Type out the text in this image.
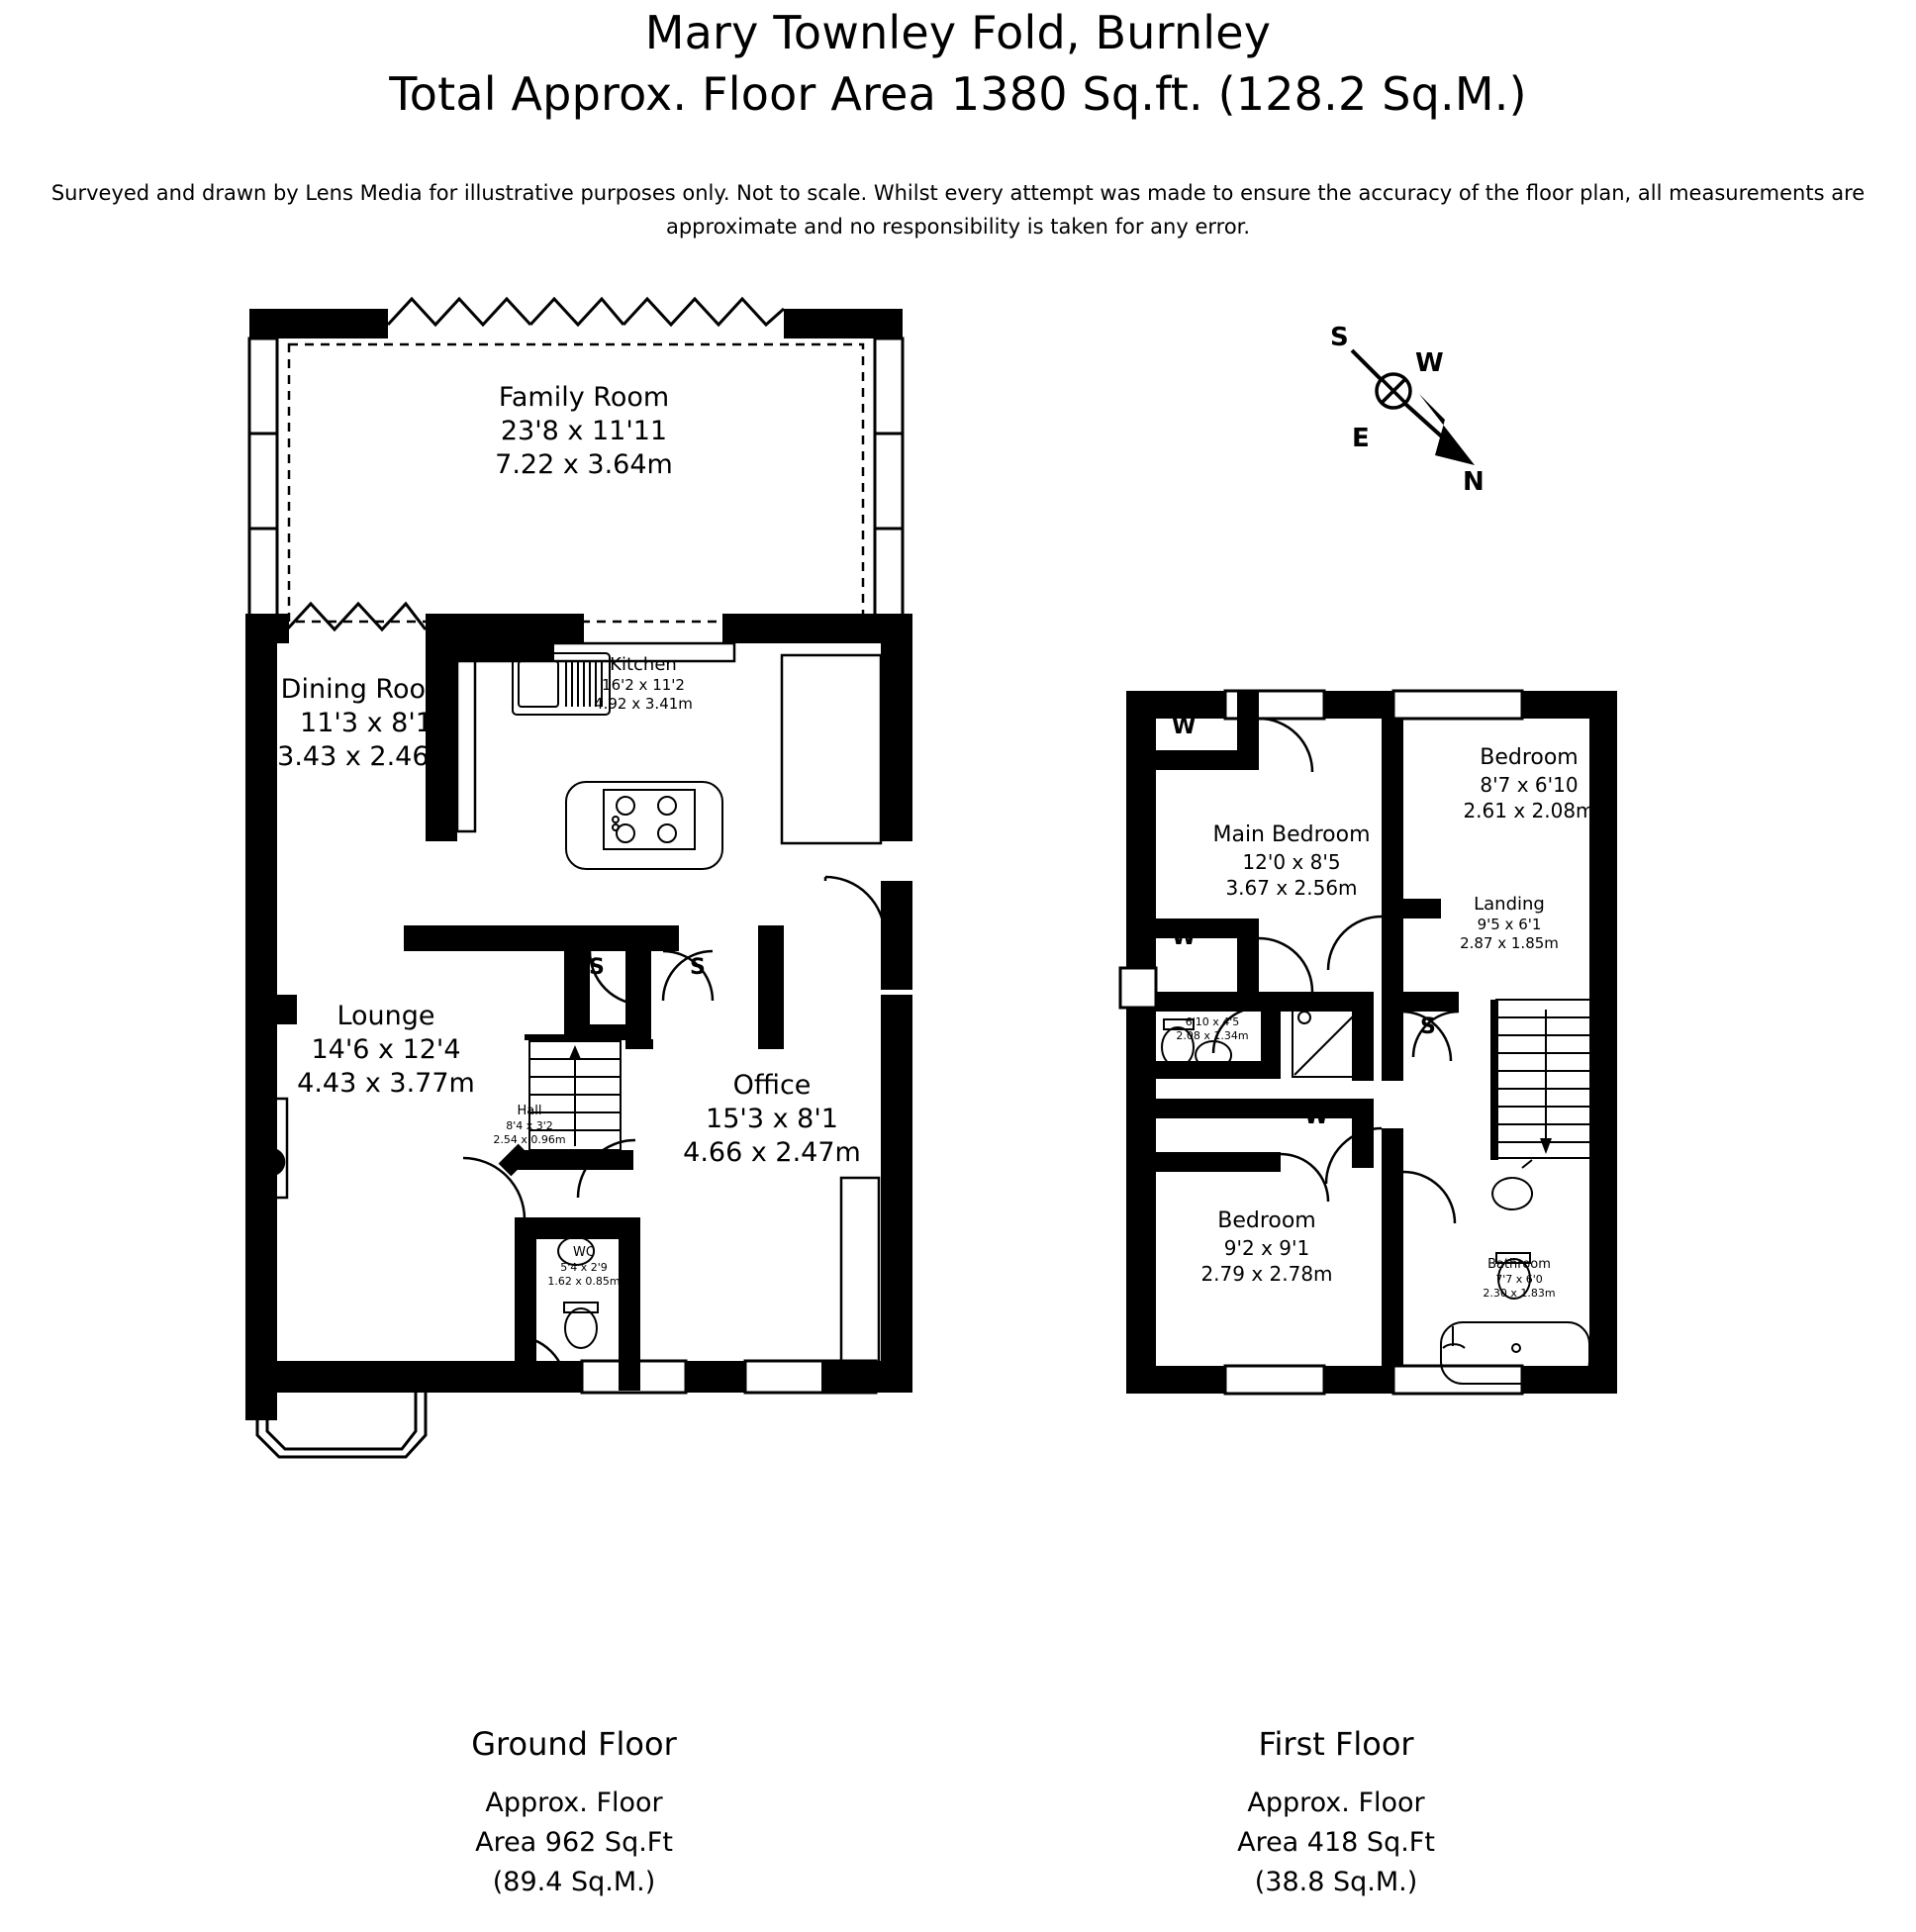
Mary Townley Fold, Burnley
Total Approx. Floor Area 1380 Sq.ft. (128.2 Sq.M.)
Surveyed and drawn by Lens Media for illustrative purposes only. Not to scale. Whilst every attempt was made to ensure the accuracy of the floor plan, all measurements are approximate and no responsibility is taken for any error.
Family Room
23'8 x 11'11
7.22 x 3.64m
Dining Room
11'3 x 8'1
3.43 x 2.46m
Kitchen
16'2 x 11'2
4.92 x 3.41m
Lounge
14'6 x 12'4
4.43 x 3.77m
Hall
8'4 x 3'2
2.54 x 0.96m
WC
5'4 x 2'9
1.62 x 0.85m
Office
15'3 x 8'1
4.66 x 2.47m
S	S
Main Bedroom
12'0 x 8'5
3.67 x 2.56m
Bedroom
8'7 x 6'10
2.61 x 2.08m
Landing
9'5 x 6'1
2.87 x 1.85m
En-suite
6'10 x 4'5
2.08 x 1.34m
Bedroom
9'2 x 9'1
2.79 x 2.78m	Bathroom
7'7 x 6'0
2.30 x 1.83m
W
W
W
S
S
W
E
N
Ground Floor
Approx. Floor
Area 962 Sq.Ft
(89.4 Sq.M.)
First Floor
Approx. Floor
Area 418 Sq.Ft
(38.8 Sq.M.)
